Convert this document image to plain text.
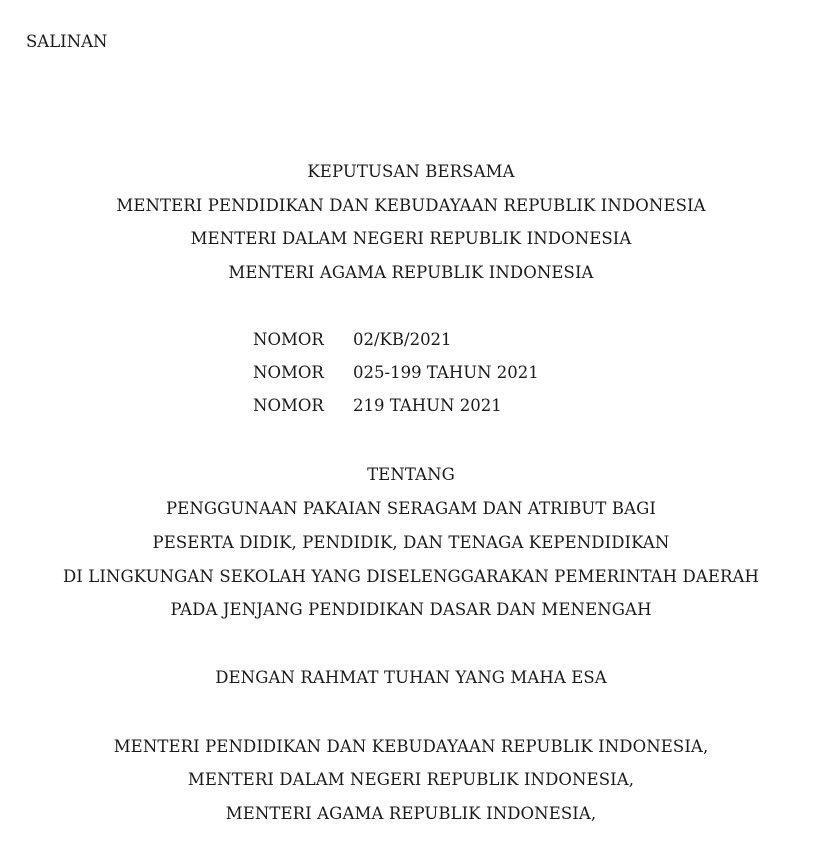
SALINAN
KEPUTUSAN BERSAMA
MENTERI PENDIDIKAN DAN KEBUDAYAAN REPUBLIK INDONESIA
MENTERI DALAM NEGERI REPUBLIK INDONESIA
MENTERI AGAMA REPUBLIK INDONESIA
NOMOR	02/KB/2021
NOMOR	025-199 TAHUN 2021
NOMOR	219 TAHUN 2021
TENTANG
PENGGUNAAN PAKAIAN SERAGAM DAN ATRIBUT BAGI
PESERTA DIDIK, PENDIDIK, DAN TENAGA KEPENDIDIKAN
DI LINGKUNGAN SEKOLAH YANG DISELENGGARAKAN PEMERINTAH DAERAH
PADA JENJANG PENDIDIKAN DASAR DAN MENENGAH
DENGAN RAHMAT TUHAN YANG MAHA ESA
MENTERI PENDIDIKAN DAN KEBUDAYAAN REPUBLIK INDONESIA,
MENTERI DALAM NEGERI REPUBLIK INDONESIA,
MENTERI AGAMA REPUBLIK INDONESIA,
